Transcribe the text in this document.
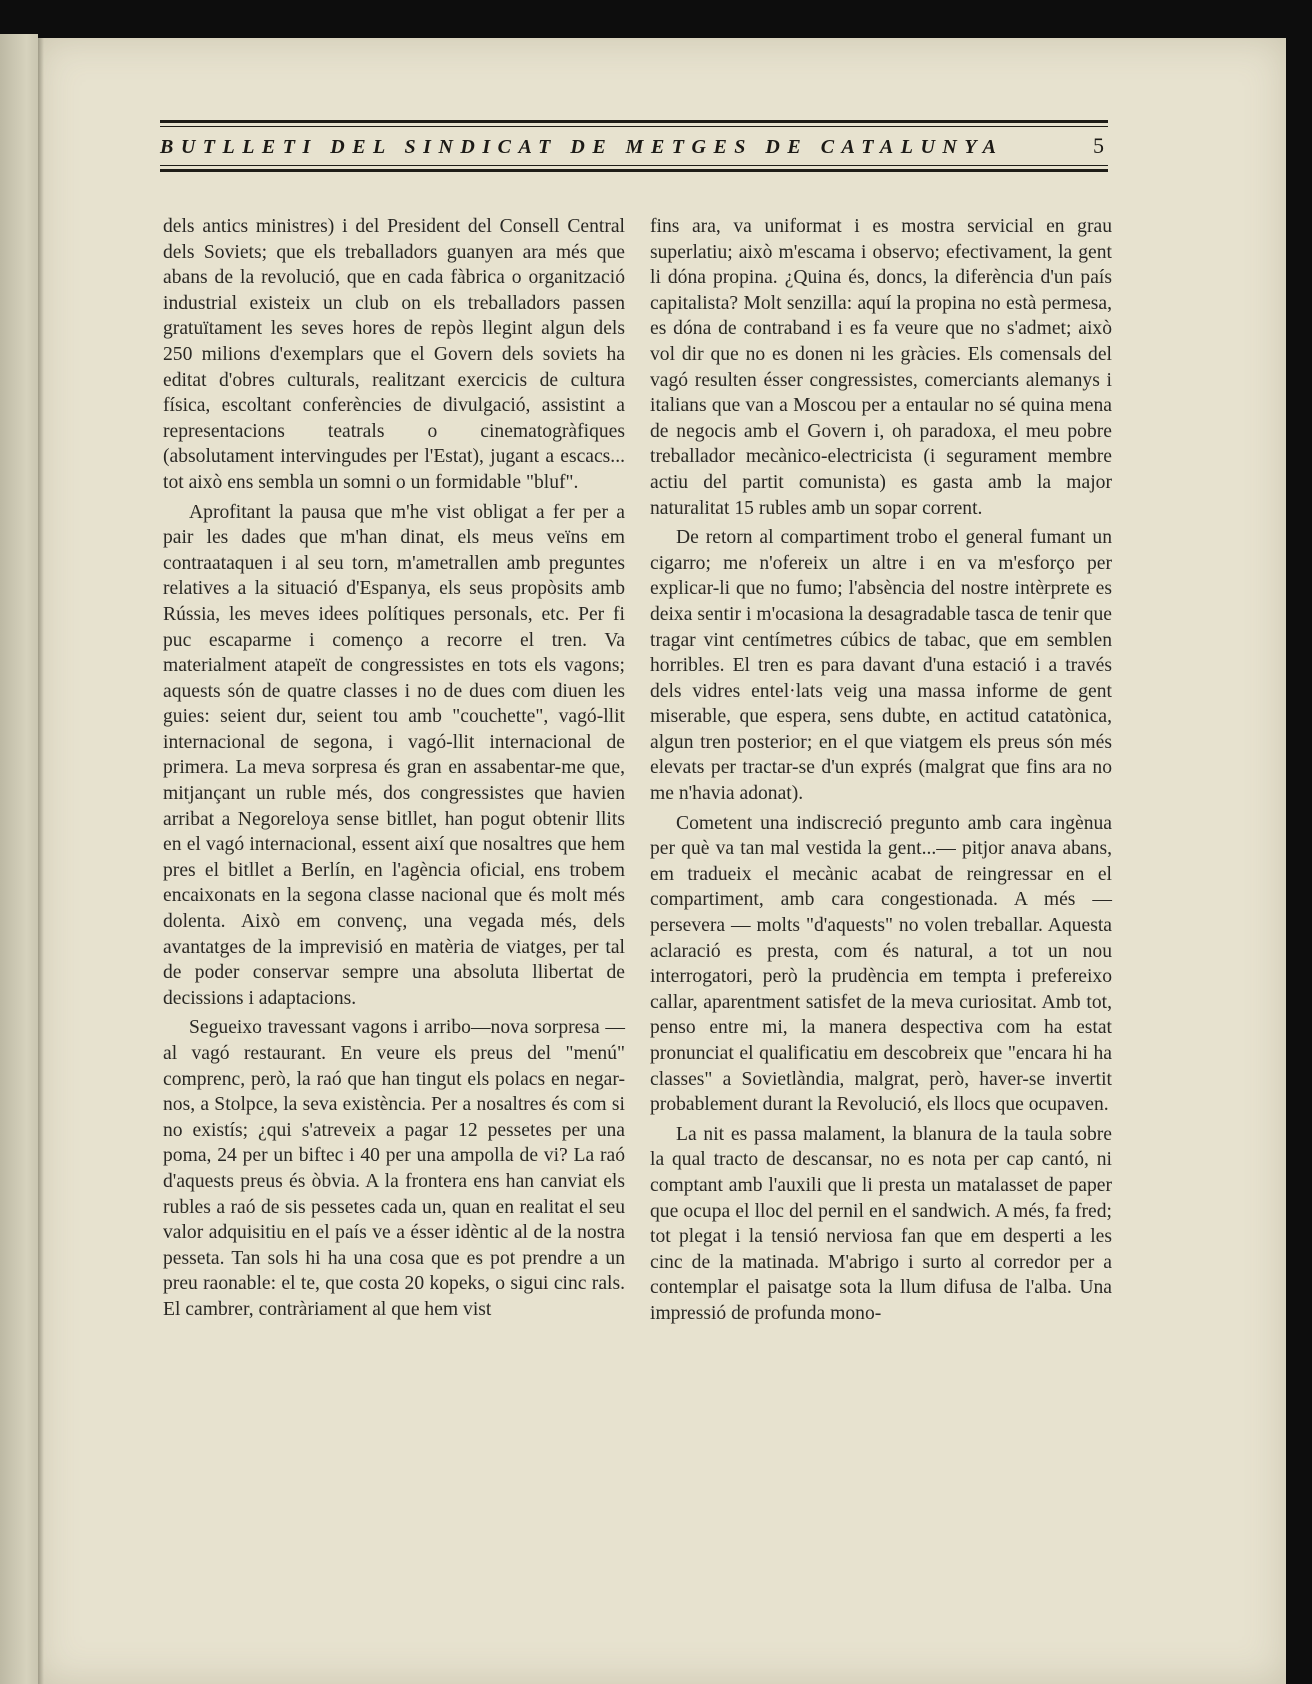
BUTLLETI DEL SINDICAT DE METGES DE CATALUNYA	5

dels antics ministres) i del President del Consell Central dels Soviets; que els treballadors guanyen ara més que abans de la revolució, que en cada fàbrica o organització industrial existeix un club on els treballadors passen gratuïtament les seves hores de repòs llegint algun dels 250 milions d'exemplars que el Govern dels soviets ha editat d'obres culturals, realitzant exercicis de cultura física, escoltant conferències de divulgació, assistint a representacions teatrals o cinematogràfiques (absolutament intervingudes per l'Estat), jugant a escacs... tot això ens sembla un somni o un formidable "bluf".

Aprofitant la pausa que m'he vist obligat a fer per a pair les dades que m'han dinat, els meus veïns em contraataquen i al seu torn, m'ametrallen amb preguntes relatives a la situació d'Espanya, els seus propòsits amb Rússia, les meves idees polítiques personals, etc. Per fi puc escaparme i començo a recorre el tren. Va materialment atapeït de congressistes en tots els vagons; aquests són de quatre classes i no de dues com diuen les guies: seient dur, seient tou amb "couchette", vagó-llit internacional de segona, i vagó-llit internacional de primera. La meva sorpresa és gran en assabentar-me que, mitjançant un ruble més, dos congressistes que havien arribat a Negoreloya sense bitllet, han pogut obtenir llits en el vagó internacional, essent així que nosaltres que hem pres el bitllet a Berlín, en l'agència oficial, ens trobem encaixonats en la segona classe nacional que és molt més dolenta. Això em convenç, una vegada més, dels avantatges de la imprevisió en matèria de viatges, per tal de poder conservar sempre una absoluta llibertat de decissions i adaptacions.

Segueixo travessant vagons i arribo—nova sorpresa — al vagó restaurant. En veure els preus del "menú" comprenc, però, la raó que han tingut els polacs en negar-nos, a Stolpce, la seva existència. Per a nosaltres és com si no existís; ¿qui s'atreveix a pagar 12 pessetes per una poma, 24 per un biftec i 40 per una ampolla de vi? La raó d'aquests preus és òbvia. A la frontera ens han canviat els rubles a raó de sis pessetes cada un, quan en realitat el seu valor adquisitiu en el país ve a ésser idèntic al de la nostra pesseta. Tan sols hi ha una cosa que es pot prendre a un preu raonable: el te, que costa 20 kopeks, o sigui cinc rals. El cambrer, contràriament al que hem vist

fins ara, va uniformat i es mostra servicial en grau superlatiu; això m'escama i observo; efectivament, la gent li dóna propina. ¿Quina és, doncs, la diferència d'un país capitalista? Molt senzilla: aquí la propina no està permesa, es dóna de contraband i es fa veure que no s'admet; això vol dir que no es donen ni les gràcies. Els comensals del vagó resulten ésser congressistes, comerciants alemanys i italians que van a Moscou per a entaular no sé quina mena de negocis amb el Govern i, oh paradoxa, el meu pobre treballador mecànico-electricista (i segurament membre actiu del partit comunista) es gasta amb la major naturalitat 15 rubles amb un sopar corrent.

De retorn al compartiment trobo el general fumant un cigarro; me n'ofereix un altre i en va m'esforço per explicar-li que no fumo; l'absència del nostre intèrprete es deixa sentir i m'ocasiona la desagradable tasca de tenir que tragar vint centímetres cúbics de tabac, que em semblen horribles. El tren es para davant d'una estació i a través dels vidres entel·lats veig una massa informe de gent miserable, que espera, sens dubte, en actitud catatònica, algun tren posterior; en el que viatgem els preus són més elevats per tractar-se d'un exprés (malgrat que fins ara no me n'havia adonat).

Cometent una indiscreció pregunto amb cara ingènua per què va tan mal vestida la gent...— pitjor anava abans, em tradueix el mecànic acabat de reingressar en el compartiment, amb cara congestionada. A més — persevera — molts "d'aquests" no volen treballar. Aquesta aclaració es presta, com és natural, a tot un nou interrogatori, però la prudència em tempta i prefereixo callar, aparentment satisfet de la meva curiositat. Amb tot, penso entre mi, la manera despectiva com ha estat pronunciat el qualificatiu em descobreix que "encara hi ha classes" a Sovietlàndia, malgrat, però, haver-se invertit probablement durant la Revolució, els llocs que ocupaven.

La nit es passa malament, la blanura de la taula sobre la qual tracto de descansar, no es nota per cap cantó, ni comptant amb l'auxili que li presta un matalasset de paper que ocupa el lloc del pernil en el sandwich. A més, fa fred; tot plegat i la tensió nerviosa fan que em desperti a les cinc de la matinada. M'abrigo i surto al corredor per a contemplar el paisatge sota la llum difusa de l'alba. Una impressió de profunda mono-
